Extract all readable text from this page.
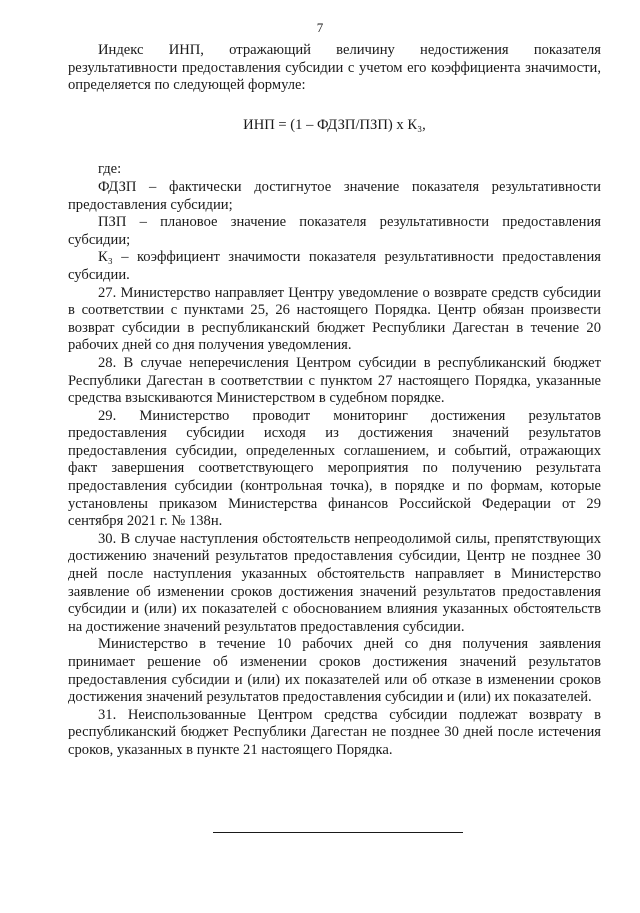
7

Индекс ИНП, отражающий величину недостижения показателя результативности предоставления субсидии с учетом его коэффициента значимости, определяется по следующей формуле:

ИНП = (1 – ФДЗП/ПЗП) х К₃,

где:

ФДЗП – фактически достигнутое значение показателя результативности предоставления субсидии;

ПЗП – плановое значение показателя результативности предоставления субсидии;

К₃ – коэффициент значимости показателя результативности предоставления субсидии.

27. Министерство направляет Центру уведомление о возврате средств субсидии в соответствии с пунктами 25, 26 настоящего Порядка. Центр обязан произвести возврат субсидии в республиканский бюджет Республики Дагестан в течение 20 рабочих дней со дня получения уведомления.

28. В случае неперечисления Центром субсидии в республиканский бюджет Республики Дагестан в соответствии с пунктом 27 настоящего Порядка, указанные средства взыскиваются Министерством в судебном порядке.

29. Министерство проводит мониторинг достижения результатов предоставления субсидии исходя из достижения значений результатов предоставления субсидии, определенных соглашением, и событий, отражающих факт завершения соответствующего мероприятия по получению результата предоставления субсидии (контрольная точка), в порядке и по формам, которые установлены приказом Министерства финансов Российской Федерации от 29 сентября 2021 г. № 138н.

30. В случае наступления обстоятельств непреодолимой силы, препятствующих достижению значений результатов предоставления субсидии, Центр не позднее 30 дней после наступления указанных обстоятельств направляет в Министерство заявление об изменении сроков достижения значений результатов предоставления субсидии и (или) их показателей с обоснованием влияния указанных обстоятельств на достижение значений результатов предоставления субсидии.

Министерство в течение 10 рабочих дней со дня получения заявления принимает решение об изменении сроков достижения значений результатов предоставления субсидии и (или) их показателей или об отказе в изменении сроков достижения значений результатов предоставления субсидии и (или) их показателей.

31. Неиспользованные Центром средства субсидии подлежат возврату в республиканский бюджет Республики Дагестан не позднее 30 дней после истечения сроков, указанных в пункте 21 настоящего Порядка.
